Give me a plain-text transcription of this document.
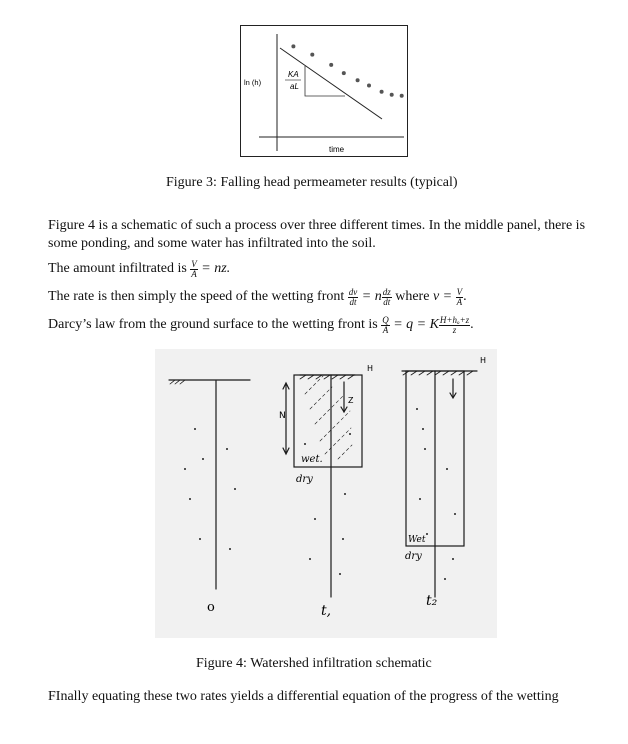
KA
aL
ln (h)
time
Figure 3: Falling head permeameter results (typical)
Figure 4 is a schematic of such a process over three different times. In the middle panel, there is some ponding, and some water has infiltrated into the soil.
The amount infiltrated is $\frac{V}{A}$ = nz.
The rate is then simply the speed of the wetting front $\frac{dv}{dt} = n \frac{dz}{dt}$ where $v = \frac{V}{A}$ .
Darcy’s law from the ground surface to the wetting front is $\frac{Q}{A} = q = K \frac{\text{H+hₒ+z}}{z}$ .
H
H
N
Z
wet.
dry
Wet
dry
o	t,
t₂
Figure 4: Watershed infiltration schematic
FInally equating these two rates yields a differential equation of the progress of the wetting
